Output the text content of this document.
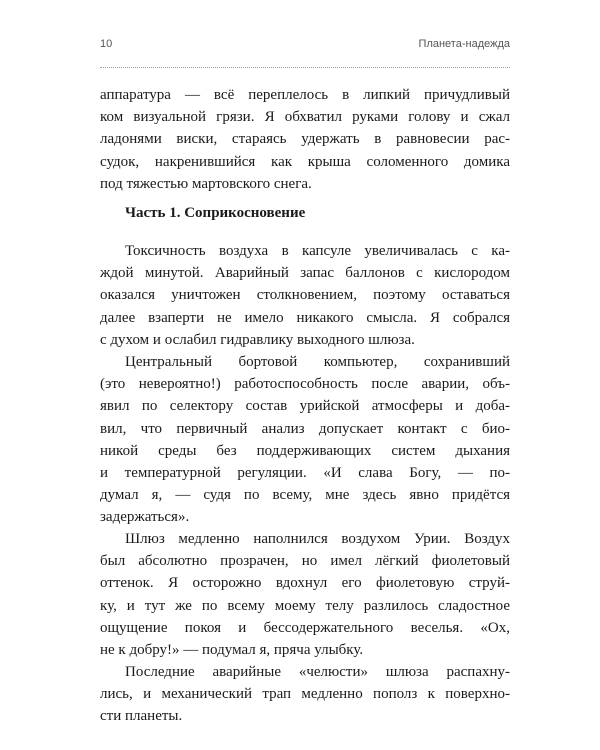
10	Планета-надежда
аппаратура — всё переплелось в липкий причудливый
ком визуальной грязи. Я обхватил руками голову и сжал
ладонями виски, стараясь удержать в равновесии рас-
судок, накренившийся как крыша соломенного домика
под тяжестью мартовского снега.
Часть 1. Соприкосновение
Токсичность воздуха в капсуле увеличивалась с ка-
ждой минутой. Аварийный запас баллонов с кислородом
оказался уничтожен столкновением, поэтому оставаться
далее взаперти не имело никакого смысла. Я собрался
с духом и ослабил гидравлику выходного шлюза.
Центральный бортовой компьютер, сохранивший
(это невероятно!) работоспособность после аварии, объ-
явил по селектору состав урийской атмосферы и доба-
вил, что первичный анализ допускает контакт с био-
никой среды без поддерживающих систем дыхания
и температурной регуляции. «И слава Богу, — по-
думал я, — судя по всему, мне здесь явно придётся
задержаться».
Шлюз медленно наполнился воздухом Урии. Воздух
был абсолютно прозрачен, но имел лёгкий фиолетовый
оттенок. Я осторожно вдохнул его фиолетовую струй-
ку, и тут же по всему моему телу разлилось сладостное
ощущение покоя и бессодержательного веселья. «Ох,
не к добру!» — подумал я, пряча улыбку.
Последние аварийные «челюсти» шлюза распахну-
лись, и механический трап медленно пополз к поверхно-
сти планеты.
